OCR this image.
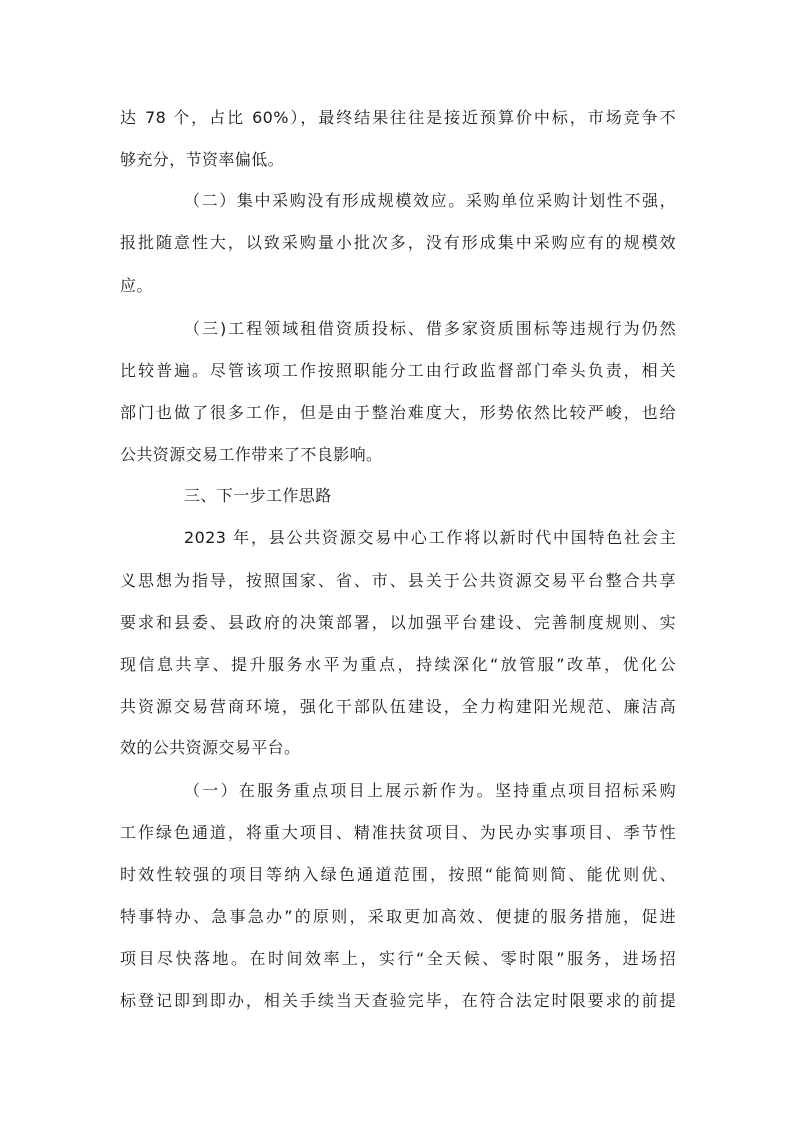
达 78 个，占比 60%），最终结果往往是接近预算价中标，市场竞争不
够充分，节资率偏低。
（二）集中采购没有形成规模效应。采购单位采购计划性不强，
报批随意性大，以致采购量小批次多，没有形成集中采购应有的规模效
应。
（三)工程领域租借资质投标、借多家资质围标等违规行为仍然
比较普遍。尽管该项工作按照职能分工由行政监督部门牵头负责，相关
部门也做了很多工作，但是由于整治难度大，形势依然比较严峻，也给
公共资源交易工作带来了不良影响。
三、下一步工作思路
2023 年，县公共资源交易中心工作将以新时代中国特色社会主
义思想为指导，按照国家、省、市、县关于公共资源交易平台整合共享
要求和县委、县政府的决策部署，以加强平台建设、完善制度规则、实
现信息共享、提升服务水平为重点，持续深化“放管服”改革，优化公
共资源交易营商环境，强化干部队伍建设，全力构建阳光规范、廉洁高
效的公共资源交易平台。
（一）在服务重点项目上展示新作为。坚持重点项目招标采购
工作绿色通道，将重大项目、精准扶贫项目、为民办实事项目、季节性
时效性较强的项目等纳入绿色通道范围，按照“能简则简、能优则优、
特事特办、急事急办”的原则，采取更加高效、便捷的服务措施，促进
项目尽快落地。在时间效率上，实行“全天候、零时限”服务，进场招
标登记即到即办，相关手续当天查验完毕，在符合法定时限要求的前提
